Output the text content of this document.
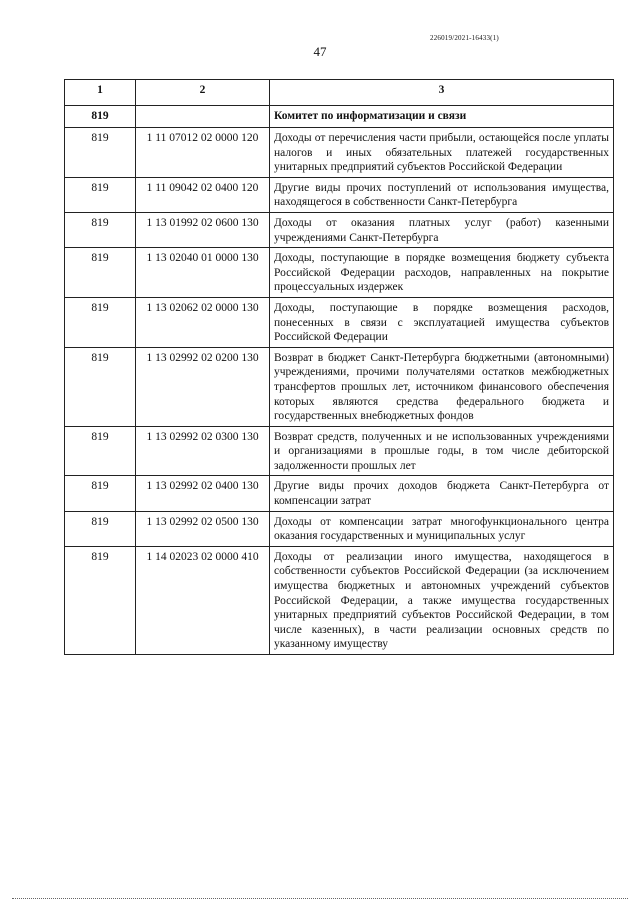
226019/2021-16433(1)
47
1	2	3
819		Комитет по информатизации и связи
819	1 11 07012 02 0000 120	Доходы от перечисления части прибыли, остающейся после уплаты налогов и иных обязательных платежей государственных унитарных предприятий субъектов Российской Федерации
819	1 11 09042 02 0400 120	Другие виды прочих поступлений от использования имущества, находящегося в собственности Санкт-Петербурга
819	1 13 01992 02 0600 130	Доходы от оказания платных услуг (работ) казенными учреждениями Санкт-Петербурга
819	1 13 02040 01 0000 130	Доходы, поступающие в порядке возмещения бюджету субъекта Российской Федерации расходов, направленных на покрытие процессуальных издержек
819	1 13 02062 02 0000 130	Доходы, поступающие в порядке возмещения расходов, понесенных в связи с эксплуатацией имущества субъектов Российской Федерации
819	1 13 02992 02 0200 130	Возврат в бюджет Санкт-Петербурга бюджетными (автономными) учреждениями, прочими получателями остатков межбюджетных трансфертов прошлых лет, источником финансового обеспечения которых являются средства федерального бюджета и государственных внебюджетных фондов
819	1 13 02992 02 0300 130	Возврат средств, полученных и не использованных учреждениями и организациями в прошлые годы, в том числе дебиторской задолженности прошлых лет
819	1 13 02992 02 0400 130	Другие виды прочих доходов бюджета Санкт-Петербурга от компенсации затрат
819	1 13 02992 02 0500 130	Доходы от компенсации затрат многофункционального центра оказания государственных и муниципальных услуг
819	1 14 02023 02 0000 410	Доходы от реализации иного имущества, находящегося в собственности субъектов Российской Федерации (за исключением имущества бюджетных и автономных учреждений субъектов Российской Федерации, а также имущества государственных унитарных предприятий субъектов Российской Федерации, в том числе казенных), в части реализации основных средств по указанному имуществу
